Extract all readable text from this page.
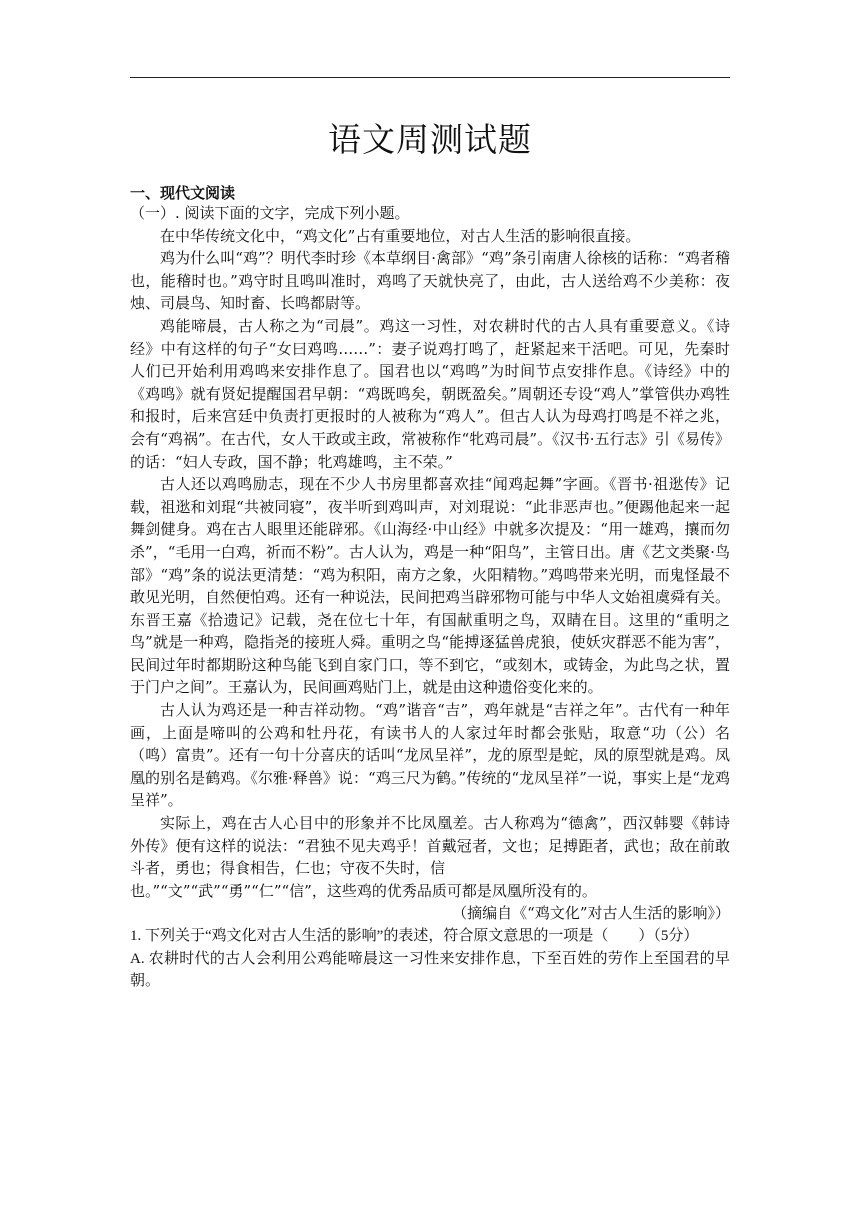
语文周测试题
一、现代文阅读
（一）. 阅读下面的文字，完成下列小题。
在中华传统文化中，“鸡文化”占有重要地位，对古人生活的影响很直接。
鸡为什么叫“鸡”？明代李时珍《本草纲目·禽部》“鸡”条引南唐人徐核的话称：“鸡者稽也，能稽时也。”鸡守时且鸣叫准时，鸡鸣了天就快亮了，由此，古人送给鸡不少美称：夜烛、司晨鸟、知时畜、长鸣都尉等。
鸡能啼晨，古人称之为“司晨”。鸡这一习性，对农耕时代的古人具有重要意义。《诗经》中有这样的句子“女曰鸡鸣……”：妻子说鸡打鸣了，赶紧起来干活吧。可见，先秦时人们已开始利用鸡鸣来安排作息了。国君也以“鸡鸣”为时间节点安排作息。《诗经》中的《鸡鸣》就有贤妃提醒国君早朝：“鸡既鸣矣，朝既盈矣。”周朝还专设“鸡人”掌管供办鸡牲和报时，后来宫廷中负责打更报时的人被称为“鸡人”。但古人认为母鸡打鸣是不祥之兆，会有“鸡祸”。在古代，女人干政或主政，常被称作“牝鸡司晨”。《汉书·五行志》引《易传》的话：“妇人专政，国不静；牝鸡雄鸣，主不荣。”
古人还以鸡鸣励志，现在不少人书房里都喜欢挂“闻鸡起舞”字画。《晋书·祖逖传》记载，祖逖和刘琨“共被同寝”，夜半听到鸡叫声，对刘琨说：“此非恶声也。”便踢他起来一起舞剑健身。鸡在古人眼里还能辟邪。《山海经·中山经》中就多次提及：“用一雄鸡，攘而勿杀”，“毛用一白鸡，祈而不粉”。古人认为，鸡是一种“阳鸟”，主管日出。唐《艺文类聚·鸟部》“鸡”条的说法更清楚：“鸡为积阳，南方之象，火阳精物。”鸡鸣带来光明，而鬼怪最不敢见光明，自然便怕鸡。还有一种说法，民间把鸡当辟邪物可能与中华人文始祖虞舜有关。东晋王嘉《拾遗记》记载，尧在位七十年，有国献重明之鸟，双睛在目。这里的“重明之鸟”就是一种鸡，隐指尧的接班人舜。重明之鸟“能搏逐猛兽虎狼，使妖灾群恶不能为害”，民间过年时都期盼这种鸟能飞到自家门口，等不到它，“或刻木，或铸金，为此鸟之状，置于门户之间”。王嘉认为，民间画鸡贴门上，就是由这种遗俗变化来的。
古人认为鸡还是一种吉祥动物。“鸡”谐音“吉”，鸡年就是“吉祥之年”。古代有一种年画，上面是啼叫的公鸡和牡丹花，有读书人的人家过年时都会张贴，取意“功（公）名（鸣）富贵”。还有一句十分喜庆的话叫“龙凤呈祥”，龙的原型是蛇，凤的原型就是鸡。凤凰的别名是鹤鸡。《尔雅·释兽》说：“鸡三尺为鹤。”传统的“龙凤呈祥”一说，事实上是“龙鸡呈祥”。
实际上，鸡在古人心目中的形象并不比凤凰差。古人称鸡为“德禽”，西汉韩婴《韩诗外传》便有这样的说法：“君独不见夫鸡乎！首戴冠者，文也；足搏距者，武也；敌在前敢斗者，勇也；得食相告，仁也；守夜不失时，信
也。”“文”“武”“勇”“仁”“信”，这些鸡的优秀品质可都是凤凰所没有的。
（摘编自《“鸡文化”对古人生活的影响》）
1. 下列关于“鸡文化对古人生活的影响”的表述，符合原文意思的一项是（　　）（5分）
A. 农耕时代的古人会利用公鸡能啼晨这一习性来安排作息，下至百姓的劳作上至国君的早朝。
